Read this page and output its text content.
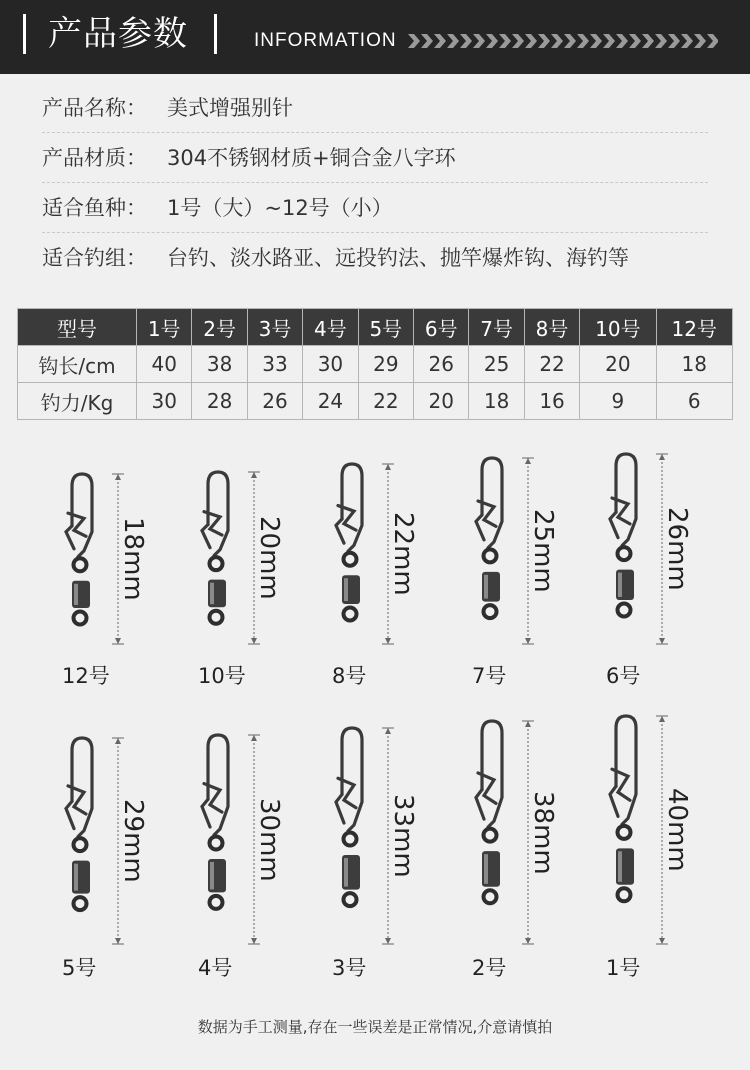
产品参数	INFORMATION
产品名称： 美式增强别针
产品材质： 304不锈钢材质+铜合金八字环
适合鱼种： 1号（大）~12号（小）
适合钓组： 台钓、淡水路亚、远投钓法、抛竿爆炸钩、海钓等
型号	1号	2号	3号	4号	5号	6号	7号	8号	10号	12号
钩长/cm	40	38	33	30	29	26	25	22	20	18
钓力/Kg	30	28	26	24	22	20	18	16	9	6
18mm
12号
20mm
10号
22mm
8号
25mm
7号
26mm
6号
29mm
5号
30mm
4号
33mm
3号
38mm
2号
40mm
1号
数据为手工测量,存在一些误差是正常情况,介意请慎拍
